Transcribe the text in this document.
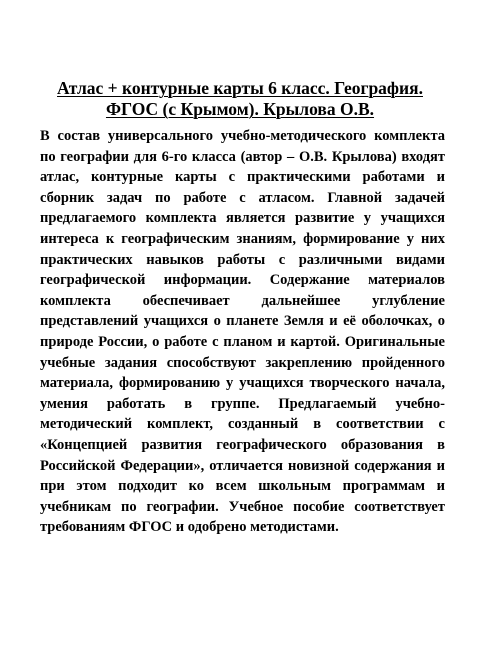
Атлас + контурные карты 6 класс. География.
ФГОС (с Крымом). Крылова О.В.

В состав универсального учебно-методического комплекта по географии для 6-го класса (автор – О.В. Крылова) входят атлас, контурные карты с практическими работами и сборник задач по работе с атласом. Главной задачей предлагаемого комплекта является развитие у учащихся интереса к географическим знаниям, формирование у них практических навыков работы с различными видами географической информации. Содержание материалов комплекта обеспечивает дальнейшее углубление представлений учащихся о планете Земля и её оболочках, о природе России, о работе с планом и картой. Оригинальные учебные задания способствуют закреплению пройденного материала, формированию у учащихся творческого начала, умения работать в группе. Предлагаемый учебно-методический комплект, созданный в соответствии с «Концепцией развития географического образования в Российской Федерации», отличается новизной содержания и при этом подходит ко всем школьным программам и учебникам по географии. Учебное пособие соответствует требованиям ФГОС и одобрено методистами.
